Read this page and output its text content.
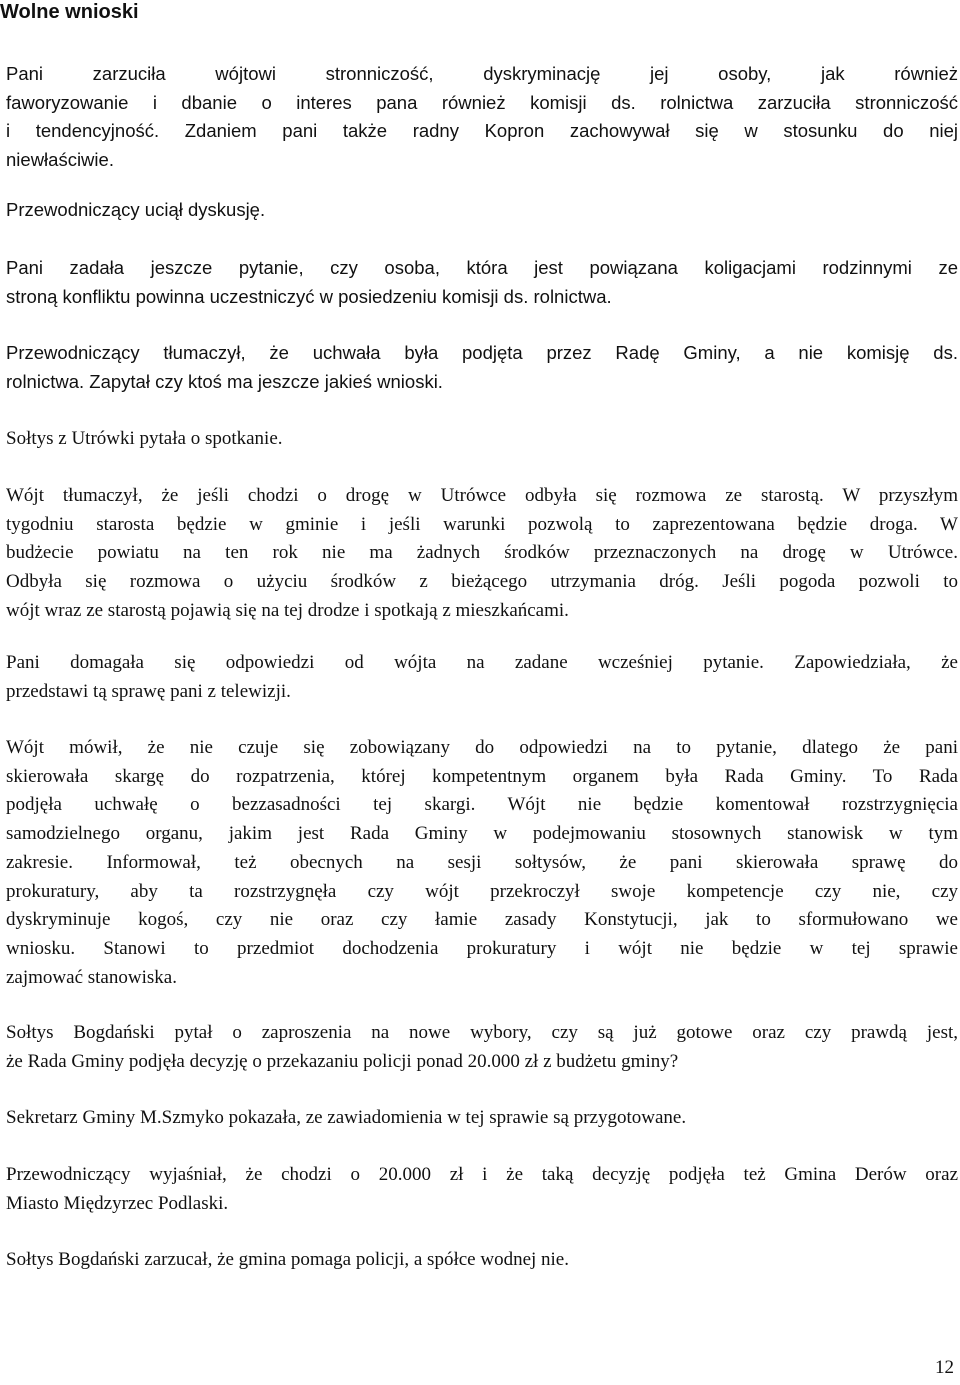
Wolne wnioski

Pani zarzuciła wójtowi stronniczość, dyskryminację jej osoby, jak również
faworyzowanie i dbanie o interes pana również komisji ds. rolnictwa zarzuciła stronniczość
i tendencyjność. Zdaniem pani także radny Kopron zachowywał się w stosunku do niej
niewłaściwie.

Przewodniczący uciął dyskusję.

Pani zadała jeszcze pytanie, czy osoba, która jest powiązana koligacjami rodzinnymi ze
stroną konfliktu powinna uczestniczyć w posiedzeniu komisji ds. rolnictwa.

Przewodniczący tłumaczył, że uchwała była podjęta przez Radę Gminy, a nie komisję ds.
rolnictwa. Zapytał czy ktoś ma jeszcze jakieś wnioski.

Sołtys z Utrówki pytała o spotkanie.

Wójt tłumaczył, że jeśli chodzi o drogę w Utrówce odbyła się rozmowa ze starostą. W przyszłym
tygodniu starosta będzie w gminie i jeśli warunki pozwolą to zaprezentowana będzie droga. W
budżecie powiatu na ten rok nie ma żadnych środków przeznaczonych na drogę w Utrówce.
Odbyła się rozmowa o użyciu środków z bieżącego utrzymania dróg. Jeśli pogoda pozwoli to
wójt wraz ze starostą pojawią się na tej drodze i spotkają z mieszkańcami.

Pani domagała się odpowiedzi od wójta na zadane wcześniej pytanie. Zapowiedziała, że
przedstawi tą sprawę pani z telewizji.

Wójt mówił, że nie czuje się zobowiązany do odpowiedzi na to pytanie, dlatego że pani
skierowała skargę do rozpatrzenia, której kompetentnym organem była Rada Gminy. To Rada
podjęła uchwałę o bezzasadności tej skargi. Wójt nie będzie komentował rozstrzygnięcia
samodzielnego organu, jakim jest Rada Gminy w podejmowaniu stosownych stanowisk w tym
zakresie. Informował, też obecnych na sesji sołtysów, że pani skierowała sprawę do
prokuratury, aby ta rozstrzygnęła czy wójt przekroczył swoje kompetencje czy nie, czy
dyskryminuje kogoś, czy nie oraz czy łamie zasady Konstytucji, jak to sformułowano we
wniosku. Stanowi to przedmiot dochodzenia prokuratury i wójt nie będzie w tej sprawie
zajmować stanowiska.

Sołtys Bogdański pytał o zaproszenia na nowe wybory, czy są już gotowe oraz czy prawdą jest,
że Rada Gminy podjęła decyzję o przekazaniu policji ponad 20.000 zł z budżetu gminy?

Sekretarz Gminy M.Szmyko pokazała, ze zawiadomienia w tej sprawie są przygotowane.

Przewodniczący wyjaśniał, że chodzi o 20.000 zł i że taką decyzję podjęła też Gmina Derów oraz
Miasto Międzyrzec Podlaski.

Sołtys Bogdański zarzucał, że gmina pomaga policji, a spółce wodnej nie.

12
